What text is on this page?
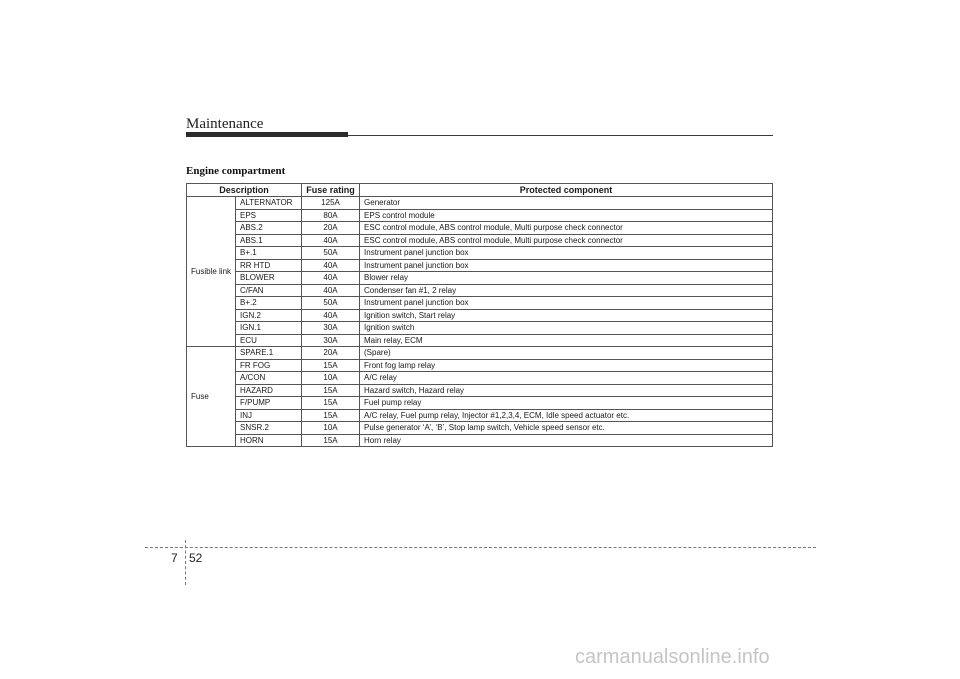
Maintenance
Engine compartment
Description		Fuse rating	Protected component
Fusible link	ALTERNATOR	125A	Generator
	EPS	80A	EPS control module
	ABS.2	20A	ESC control module, ABS control module, Multi purpose check connector
	ABS.1	40A	ESC control module, ABS control module, Multi purpose check connector
	B+.1	50A	Instrument panel junction box
	RR HTD	40A	Instrument panel junction box
	BLOWER	40A	Blower relay
	C/FAN	40A	Condenser fan #1, 2 relay
	B+.2	50A	Instrument panel junction box
	IGN.2	40A	Ignition switch, Start relay
	IGN.1	30A	Ignition switch
	ECU	30A	Main relay, ECM
Fuse	SPARE.1	20A	(Spare)
	FR FOG	15A	Front fog lamp relay
	A/CON	10A	A/C relay
	HAZARD	15A	Hazard switch, Hazard relay
	F/PUMP	15A	Fuel pump relay
	INJ	15A	A/C relay, Fuel pump relay, Injector #1,2,3,4, ECM, Idle speed actuator etc.
	SNSR.2	10A	Pulse generator ‘A’, ‘B’, Stop lamp switch, Vehicle speed sensor etc.
	HORN	15A	Horn relay
7 52
carmanualsonline.info
